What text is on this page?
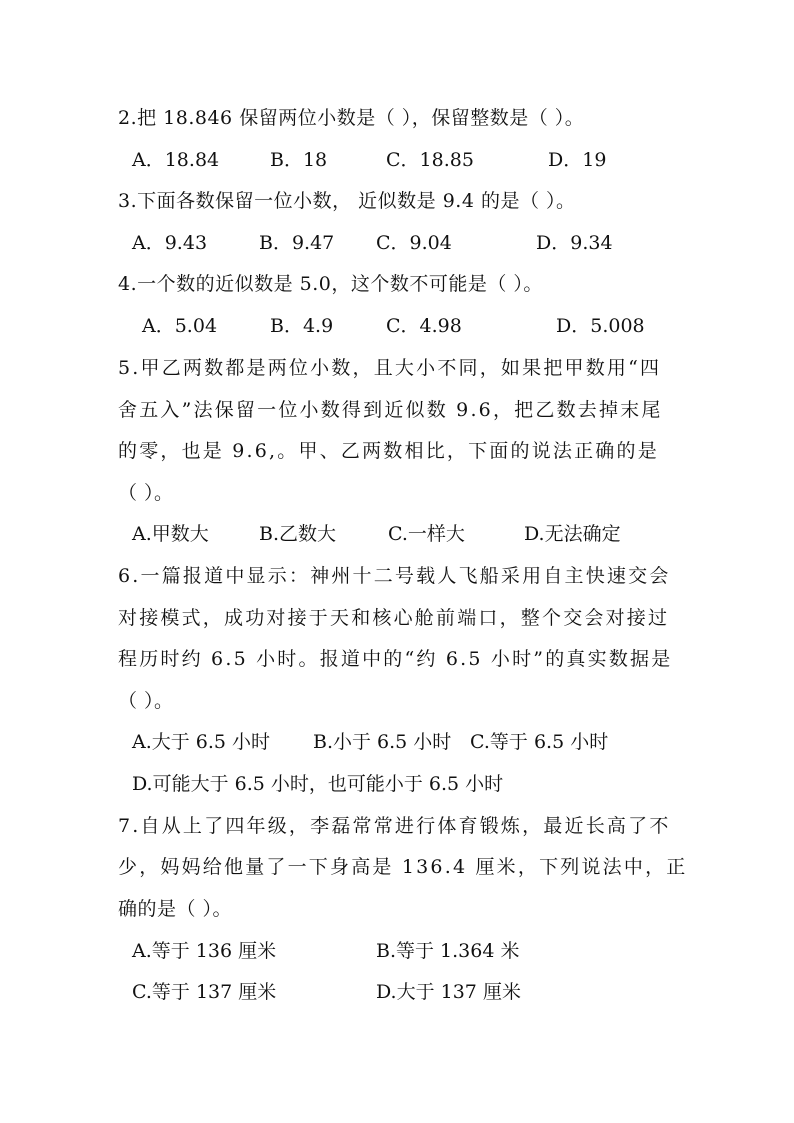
2.把 18.846 保留两位小数是（ ），保留整数是（ ）。
A．18.84	B．18	C．18.85	D．19
3.下面各数保留一位小数， 近似数是 9.4 的是（ ）。
A．9.43	B．9.47 C．9.04	D．9.34
4.一个数的近似数是 5.0，这个数不可能是（ ）。
A．5.04	B．4.9	C．4.98	D．5.008
5.甲乙两数都是两位小数，且大小不同，如果把甲数用“四
舍五入”法保留一位小数得到近似数 9.6，把乙数去掉末尾
的零，也是 9.6,。甲、乙两数相比，下面的说法正确的是
（ ）。
A.甲数大	B.乙数大	C.一样大	D.无法确定
6.一篇报道中显示：神州十二号载人飞船采用自主快速交会
对接模式，成功对接于天和核心舱前端口，整个交会对接过
程历时约 6.5 小时。报道中的“约 6.5 小时”的真实数据是
（ ）。
A.大于 6.5 小时 B.小于 6.5 小时 C.等于 6.5 小时
D.可能大于 6.5 小时，也可能小于 6.5 小时
7.自从上了四年级，李磊常常进行体育锻炼，最近长高了不
少，妈妈给他量了一下身高是 136.4 厘米，下列说法中，正
确的是（ ）。
A.等于 136 厘米	B.等于 1.364 米
C.等于 137 厘米	D.大于 137 厘米
